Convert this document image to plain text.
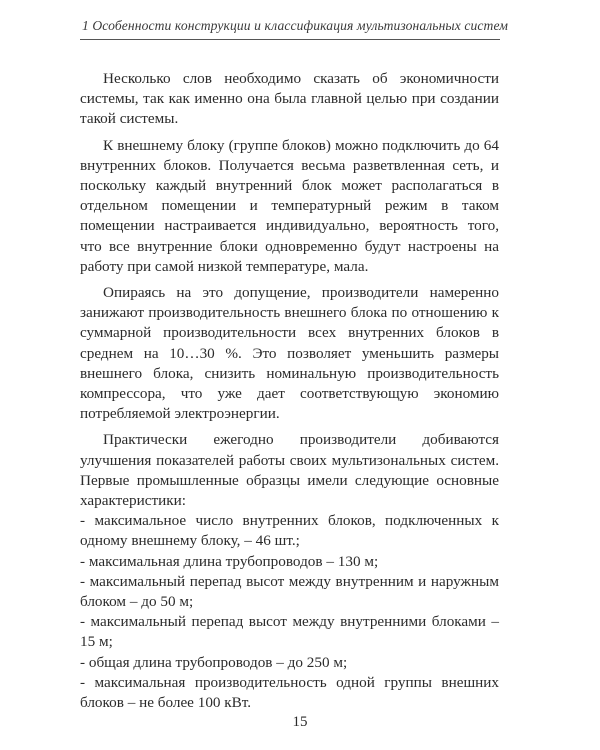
1 Особенности конструкции и классификация мультизональных систем

Несколько слов необходимо сказать об экономичности системы, так как именно она была главной целью при создании такой системы.

К внешнему блоку (группе блоков) можно подключить до 64 внутренних блоков. Получается весьма разветвленная сеть, и поскольку каждый внутренний блок может располагаться в отдельном помещении и температурный режим в таком помещении настраивается индивидуально, вероятность того, что все внутренние блоки одновременно будут настроены на работу при самой низкой температуре, мала.

Опираясь на это допущение, производители намеренно занижают производительность внешнего блока по отношению к суммарной производительности всех внутренних блоков в среднем на 10…30 %. Это позволяет уменьшить размеры внешнего блока, снизить номинальную производительность компрессора, что уже дает соответствующую экономию потребляемой электроэнергии.

Практически ежегодно производители добиваются улучшения показателей работы своих мультизональных систем. Первые промышленные образцы имели следующие основные характеристики:

- максимальное число внутренних блоков, подключенных к одному внешнему блоку, – 46 шт.;
- максимальная длина трубопроводов – 130 м;
- максимальный перепад высот между внутренним и наружным блоком – до 50 м;
- максимальный перепад высот между внутренними блоками – 15 м;
- общая длина трубопроводов – до 250 м;
- максимальная производительность одной группы внешних блоков – не более 100 кВт.
15
